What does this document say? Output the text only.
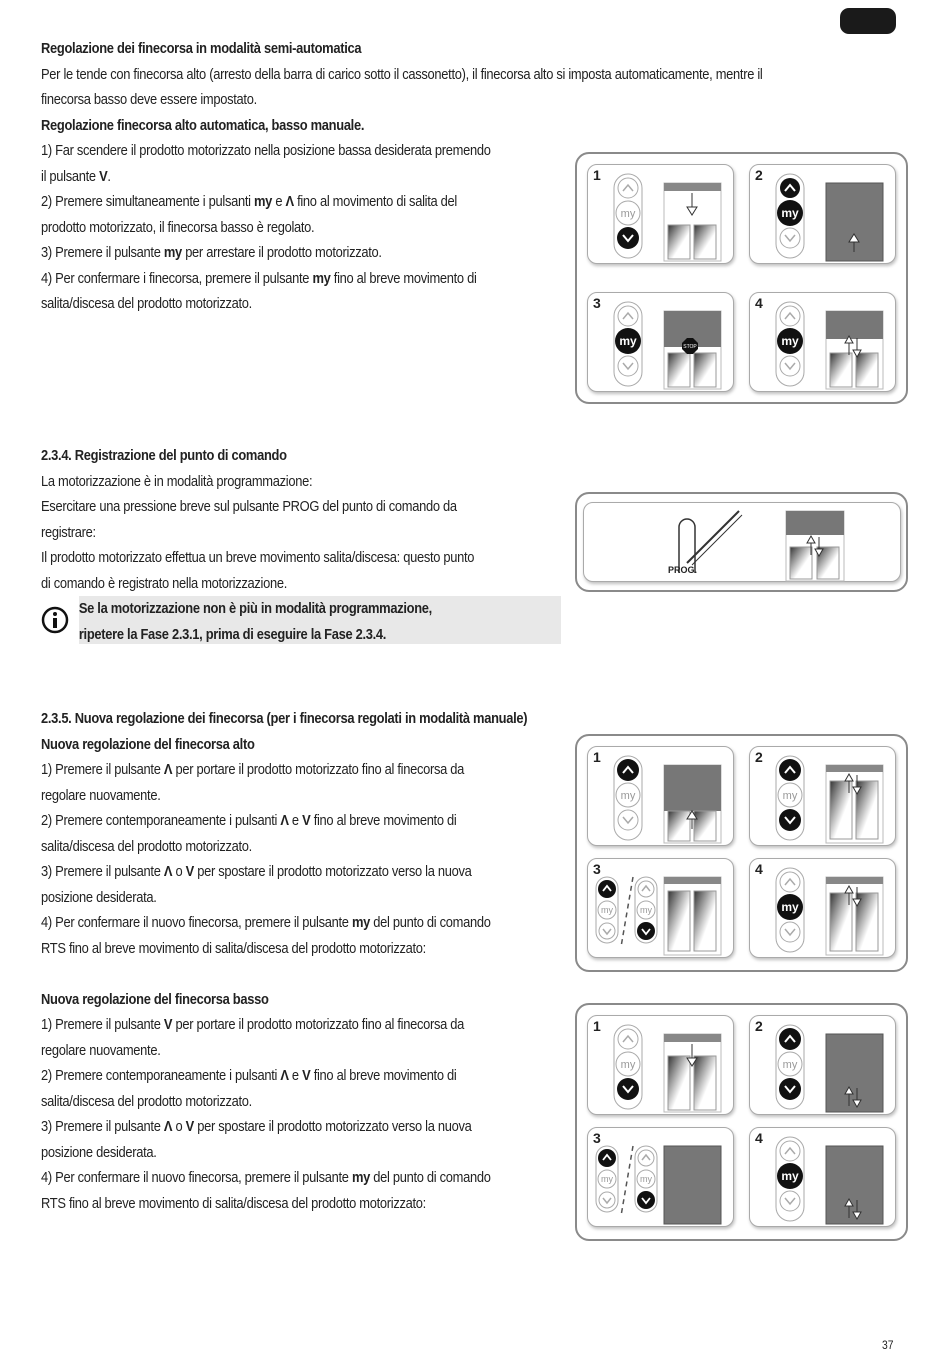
Regolazione dei finecorsa in modalità semi-automatica
Per le tende con finecorsa alto (arresto della barra di carico sotto il cassonetto), il finecorsa alto si imposta automaticamente, mentre il
finecorsa basso deve essere impostato.
Regolazione finecorsa alto automatica, basso manuale.
1) Far scendere il prodotto motorizzato nella posizione bassa desiderata premendo
il pulsante V.
2) Premere simultaneamente i pulsanti my e Λ fino al movimento di salita del
prodotto motorizzato, il finecorsa basso è regolato.
3) Premere il pulsante my per arrestare il prodotto motorizzato.
4) Per confermare i finecorsa, premere il pulsante my fino al breve movimento di
salita/discesa del prodotto motorizzato.
1
my
2
my
3
my	STOP
4
my
2.3.4. Registrazione del punto di comando
La motorizzazione è in modalità programmazione:
Esercitare una pressione breve sul pulsante PROG del punto di comando da
registrare:
Il prodotto motorizzato effettua un breve movimento salita/discesa: questo punto
di comando è registrato nella motorizzazione.
Se la motorizzazione non è più in modalità programmazione,
ripetere la Fase 2.3.1, prima di eseguire la Fase 2.3.4.
PROG.
2.3.5. Nuova regolazione dei finecorsa (per i finecorsa regolati in modalità manuale)
Nuova regolazione del finecorsa alto
1) Premere il pulsante Λ per portare il prodotto motorizzato fino al finecorsa da
regolare nuovamente.
2) Premere contemporaneamente i pulsanti Λ e V fino al breve movimento di
salita/discesa del prodotto motorizzato.
3) Premere il pulsante Λ o V per spostare il prodotto motorizzato verso la nuova
posizione desiderata.
4) Per confermare il nuovo finecorsa, premere il pulsante my del punto di comando
RTS fino al breve movimento di salita/discesa del prodotto motorizzato:
Nuova regolazione del finecorsa basso
1) Premere il pulsante V per portare il prodotto motorizzato fino al finecorsa da
regolare nuovamente.
2) Premere contemporaneamente i pulsanti Λ e V fino al breve movimento di
salita/discesa del prodotto motorizzato.
3) Premere il pulsante Λ o V per spostare il prodotto motorizzato verso la nuova
posizione desiderata.
4) Per confermare il nuovo finecorsa, premere il pulsante my del punto di comando
RTS fino al breve movimento di salita/discesa del prodotto motorizzato:
1
my
2
my
3
my	my
4
my
1
my
2
my
3
my	my
4
my
37
